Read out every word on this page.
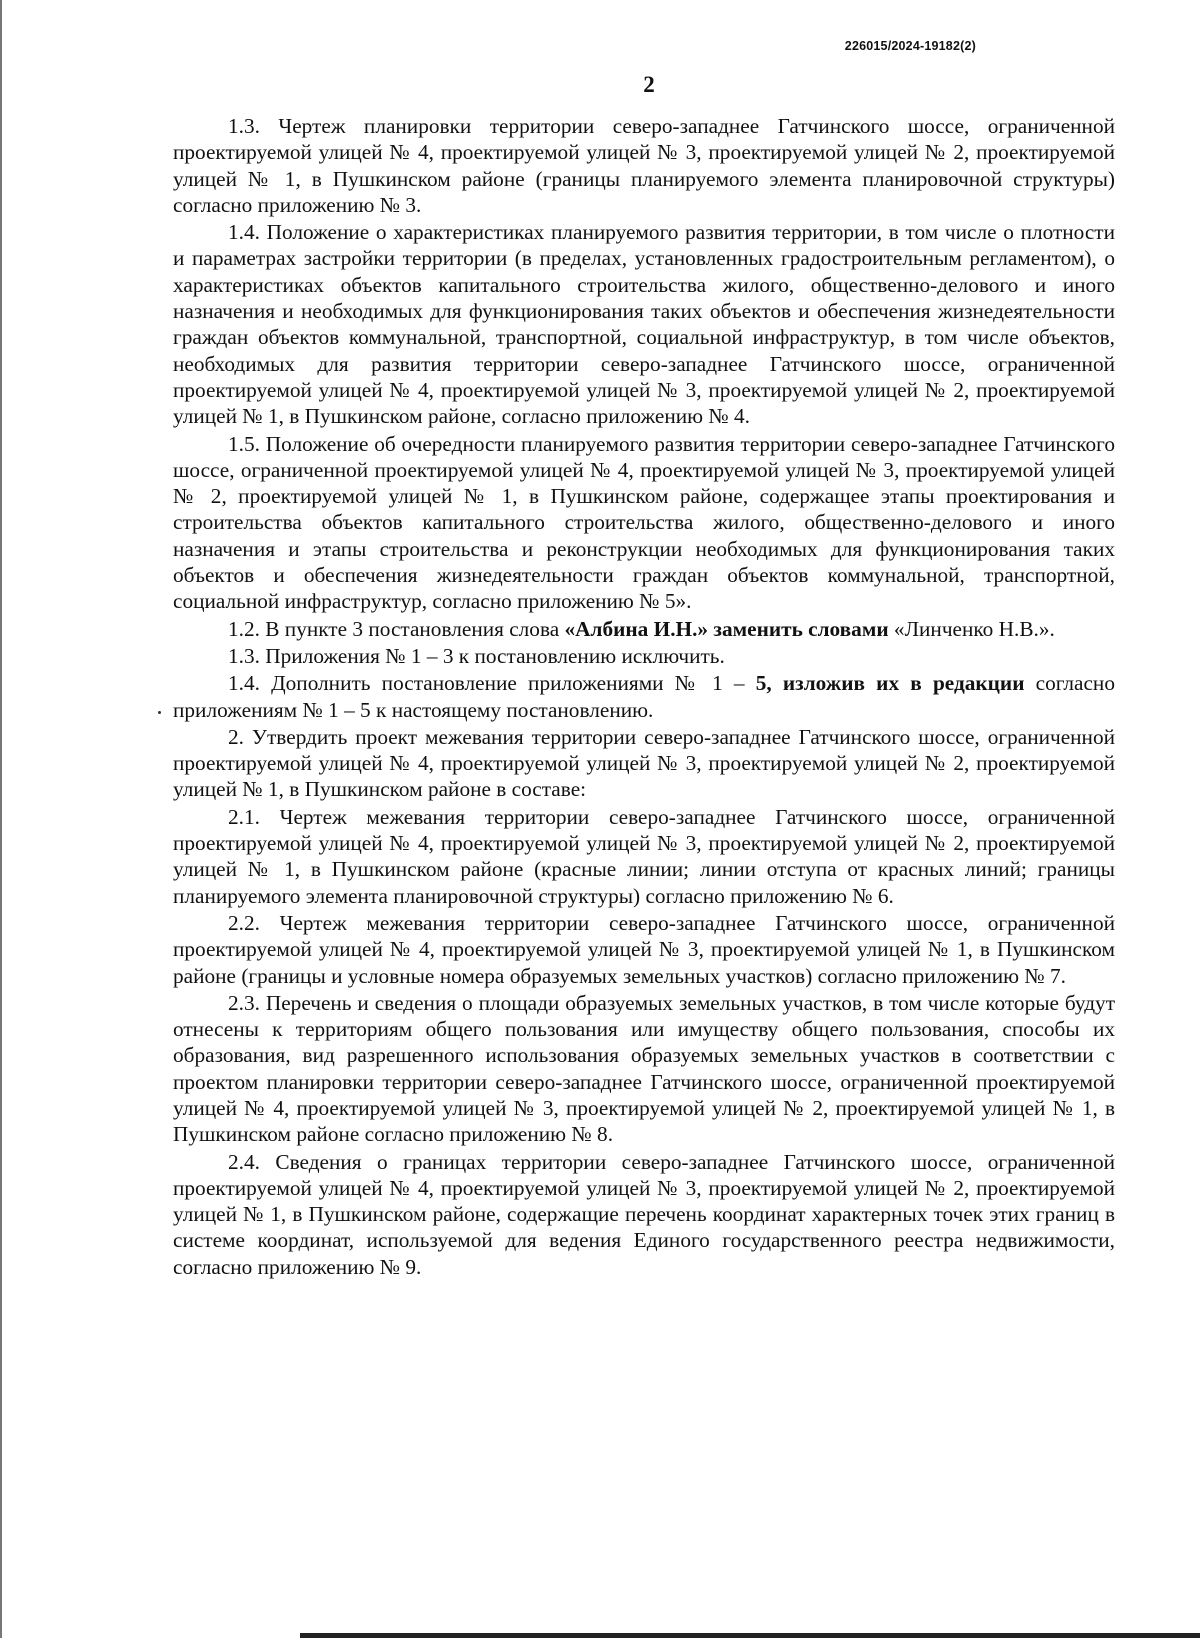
226015/2024-19182(2)
2

1.3. Чертеж планировки территории северо-западнее Гатчинского шоссе, ограниченной проектируемой улицей № 4, проектируемой улицей № 3, проектируемой улицей № 2, проектируемой улицей № 1, в Пушкинском районе (границы планируемого элемента планировочной структуры) согласно приложению № 3.

1.4. Положение о характеристиках планируемого развития территории, в том числе о плотности и параметрах застройки территории (в пределах, установленных градостроительным регламентом), о характеристиках объектов капитального строительства жилого, общественно-делового и иного назначения и необходимых для функционирования таких объектов и обеспечения жизнедеятельности граждан объектов коммунальной, транспортной, социальной инфраструктур, в том числе объектов, необходимых для развития территории северо-западнее Гатчинского шоссе, ограниченной проектируемой улицей № 4, проектируемой улицей № 3, проектируемой улицей № 2, проектируемой улицей № 1, в Пушкинском районе, согласно приложению № 4.

1.5. Положение об очередности планируемого развития территории северо-западнее Гатчинского шоссе, ограниченной проектируемой улицей № 4, проектируемой улицей № 3, проектируемой улицей № 2, проектируемой улицей № 1, в Пушкинском районе, содержащее этапы проектирования и строительства объектов капитального строительства жилого, общественно-делового и иного назначения и этапы строительства и реконструкции необходимых для функционирования таких объектов и обеспечения жизнедеятельности граждан объектов коммунальной, транспортной, социальной инфраструктур, согласно приложению № 5».

1.2. В пункте 3 постановления слова «Албина И.Н.» заменить словами «Линченко Н.В.».

1.3. Приложения № 1 – 3 к постановлению исключить.

1.4. Дополнить постановление приложениями № 1 – 5, изложив их в редакции согласно приложениям № 1 – 5 к настоящему постановлению.

2. Утвердить проект межевания территории северо-западнее Гатчинского шоссе, ограниченной проектируемой улицей № 4, проектируемой улицей № 3, проектируемой улицей № 2, проектируемой улицей № 1, в Пушкинском районе в составе:

2.1. Чертеж межевания территории северо-западнее Гатчинского шоссе, ограниченной проектируемой улицей № 4, проектируемой улицей № 3, проектируемой улицей № 2, проектируемой улицей № 1, в Пушкинском районе (красные линии; линии отступа от красных линий; границы планируемого элемента планировочной структуры) согласно приложению № 6.

2.2. Чертеж межевания территории северо-западнее Гатчинского шоссе, ограниченной проектируемой улицей № 4, проектируемой улицей № 3, проектируемой улицей № 1, в Пушкинском районе (границы и условные номера образуемых земельных участков) согласно приложению № 7.

2.3. Перечень и сведения о площади образуемых земельных участков, в том числе которые будут отнесены к территориям общего пользования или имуществу общего пользования, способы их образования, вид разрешенного использования образуемых земельных участков в соответствии с проектом планировки территории северо-западнее Гатчинского шоссе, ограниченной проектируемой улицей № 4, проектируемой улицей № 3, проектируемой улицей № 2, проектируемой улицей № 1, в Пушкинском районе согласно приложению № 8.

2.4. Сведения о границах территории северо-западнее Гатчинского шоссе, ограниченной проектируемой улицей № 4, проектируемой улицей № 3, проектируемой улицей № 2, проектируемой улицей № 1, в Пушкинском районе, содержащие перечень координат характерных точек этих границ в системе координат, используемой для ведения Единого государственного реестра недвижимости, согласно приложению № 9.
